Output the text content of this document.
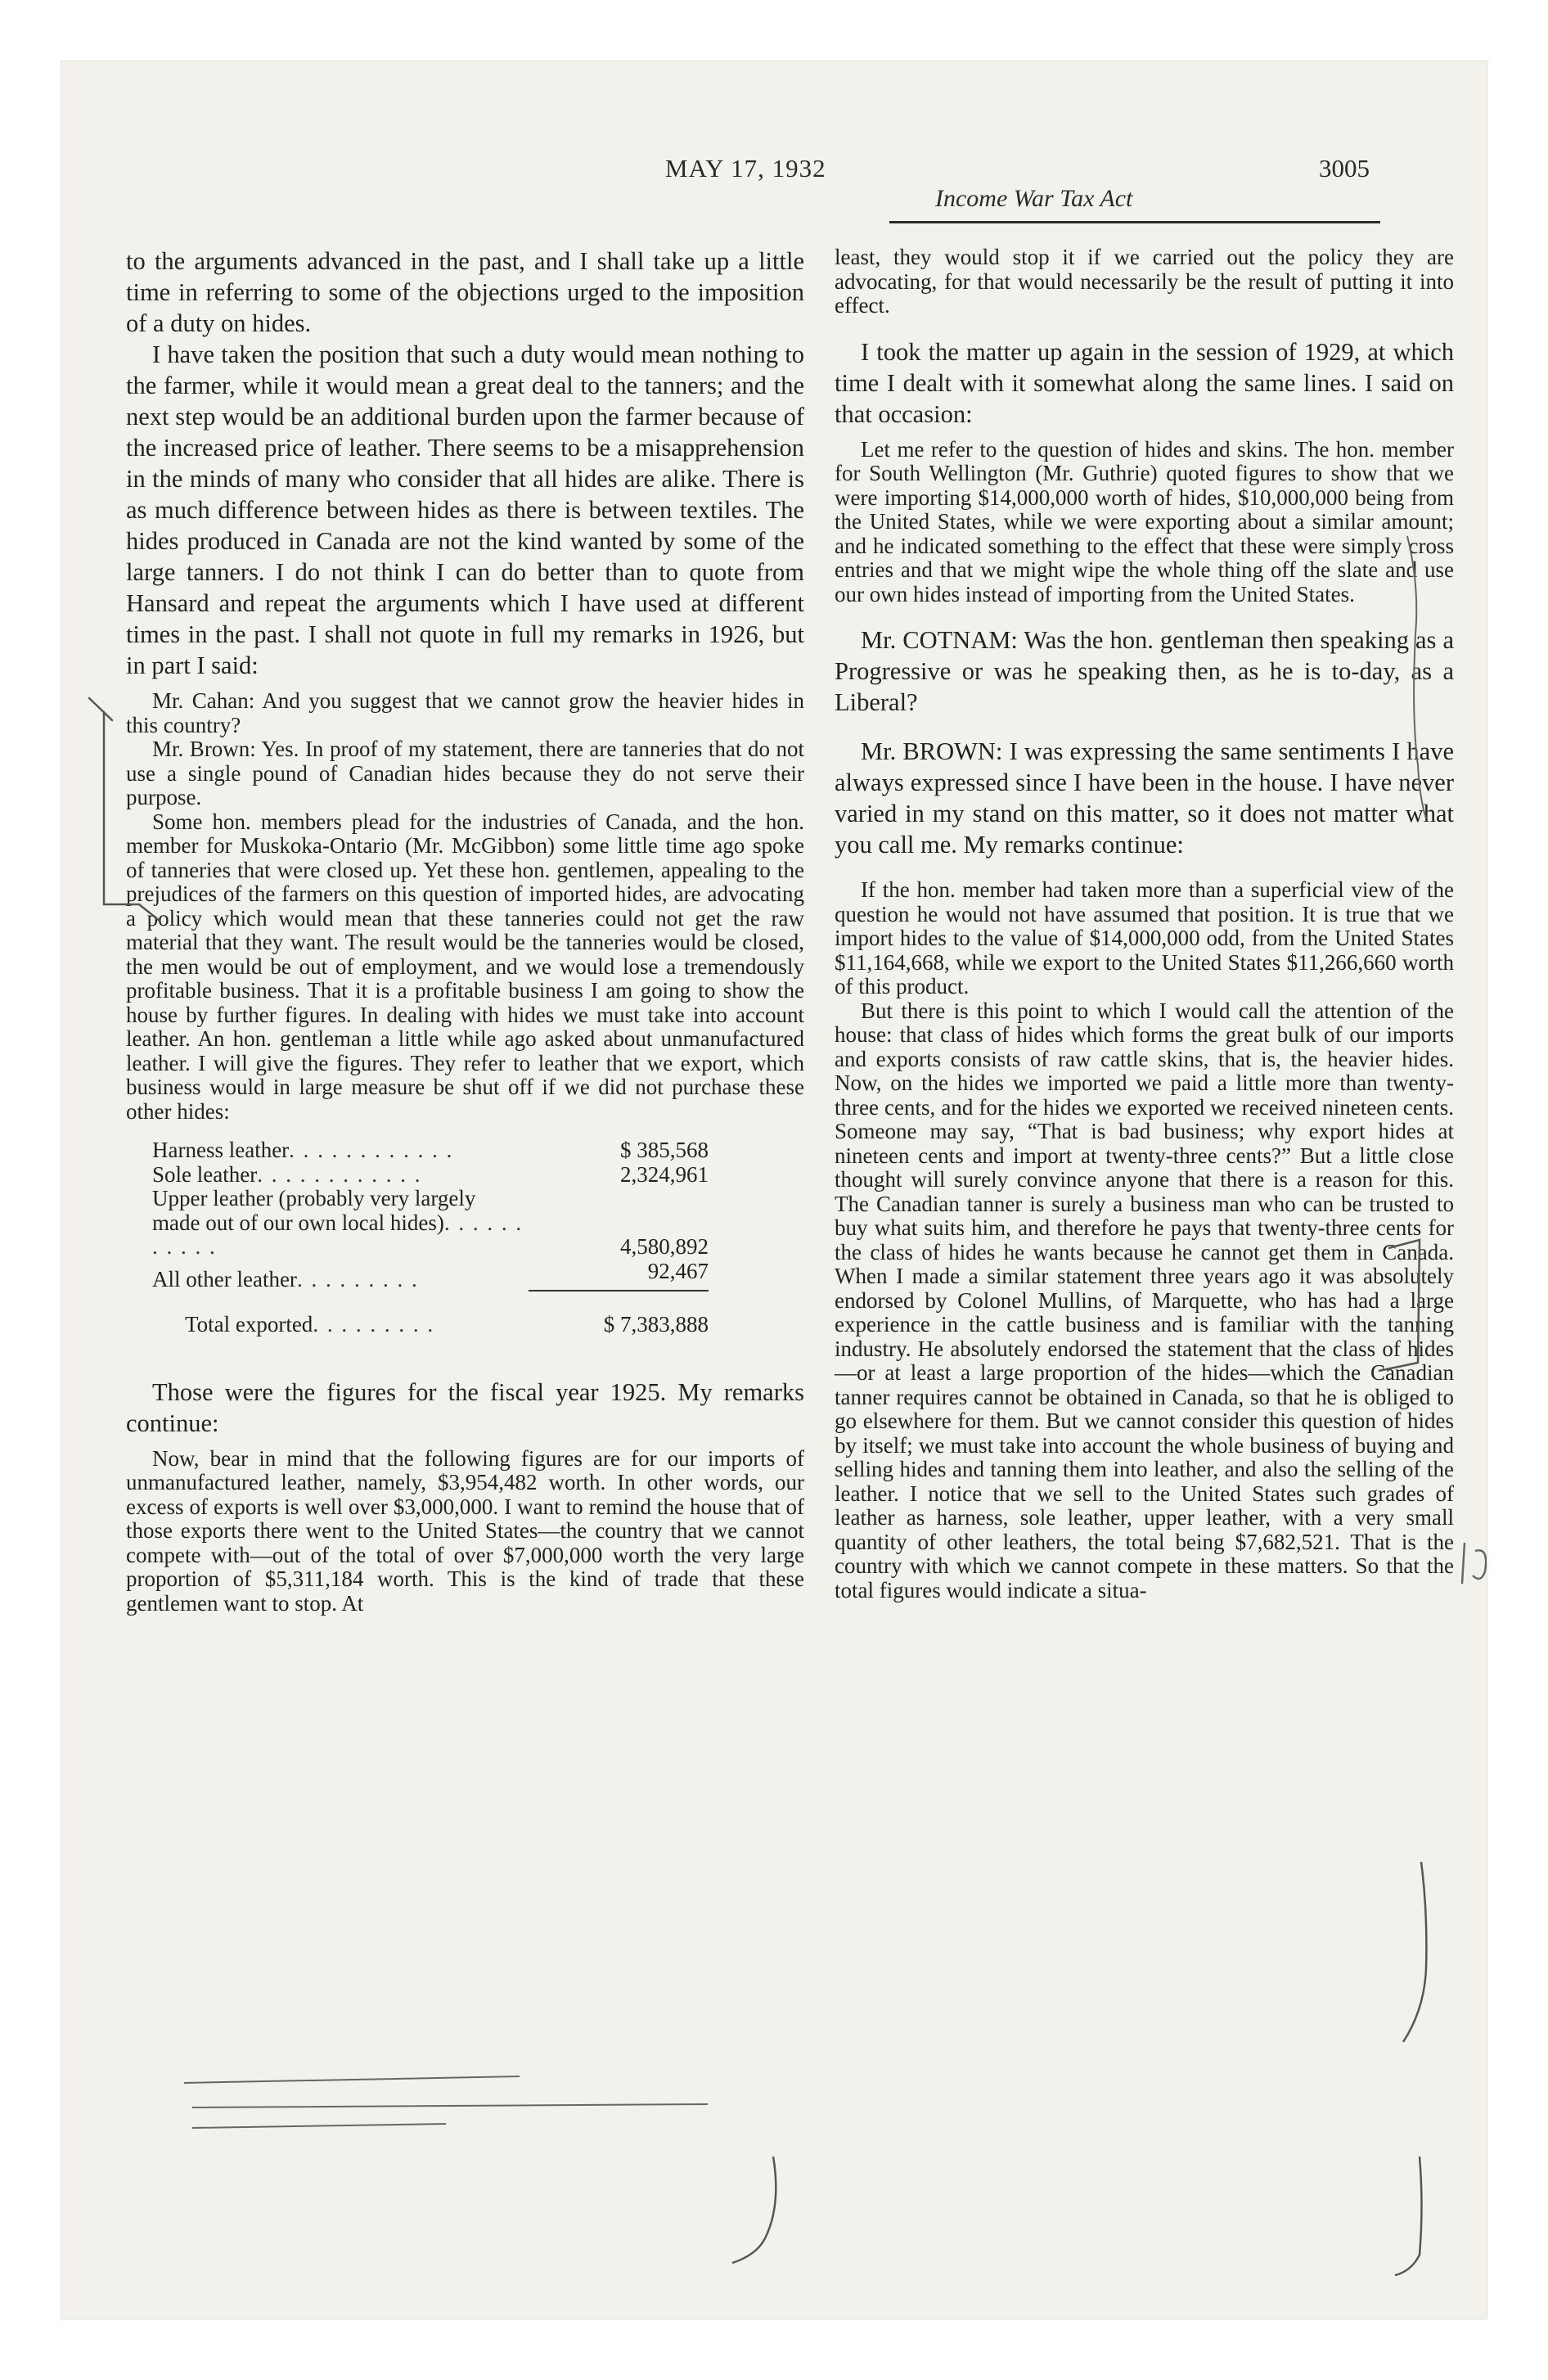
MAY 17, 1932	3005
Income War Tax Act

to the arguments advanced in the past, and I shall take up a little time in referring to some of the objections urged to the imposition of a duty on hides.

I have taken the position that such a duty would mean nothing to the farmer, while it would mean a great deal to the tanners; and the next step would be an additional burden upon the farmer because of the increased price of leather. There seems to be a misapprehension in the minds of many who consider that all hides are alike. There is as much difference between hides as there is between textiles. The hides produced in Canada are not the kind wanted by some of the large tanners. I do not think I can do better than to quote from Hansard and repeat the arguments which I have used at different times in the past. I shall not quote in full my remarks in 1926, but in part I said:

Mr. Cahan: And you suggest that we cannot grow the heavier hides in this country?

Mr. Brown: Yes. In proof of my statement, there are tanneries that do not use a single pound of Canadian hides because they do not serve their purpose.

Some hon. members plead for the industries of Canada, and the hon. member for Muskoka-Ontario (Mr. McGibbon) some little time ago spoke of tanneries that were closed up. Yet these hon. gentlemen, appealing to the prejudices of the farmers on this question of imported hides, are advocating a policy which would mean that these tanneries could not get the raw material that they want. The result would be the tanneries would be closed, the men would be out of employment, and we would lose a tremendously profitable business. That it is a profitable business I am going to show the house by further figures. In dealing with hides we must take into account leather. An hon. gentleman a little while ago asked about unmanufactured leather. I will give the figures. They refer to leather that we export, which business would in large measure be shut off if we did not purchase these other hides:

Harness leather. . . . . . . . . . . .	$ 385,568
Sole leather. . . . . . . . . . . .	2,324,961
Upper leather (probably very largely made out of our own local hides). . . . . . . . . . .	4,580,892
All other leather. . . . . . . . .	92,467

Total exported. . . . . . . . .	$ 7,383,888

Those were the figures for the fiscal year 1925. My remarks continue:

Now, bear in mind that the following figures are for our imports of unmanufactured leather, namely, $3,954,482 worth. In other words, our excess of exports is well over $3,000,000. I want to remind the house that of those exports there went to the United States—the country that we cannot compete with—out of the total of over $7,000,000 worth the very large proportion of $5,311,184 worth. This is the kind of trade that these gentlemen want to stop. At

least, they would stop it if we carried out the policy they are advocating, for that would necessarily be the result of putting it into effect.

I took the matter up again in the session of 1929, at which time I dealt with it somewhat along the same lines. I said on that occasion:

Let me refer to the question of hides and skins. The hon. member for South Wellington (Mr. Guthrie) quoted figures to show that we were importing $14,000,000 worth of hides, $10,000,000 being from the United States, while we were exporting about a similar amount; and he indicated something to the effect that these were simply cross entries and that we might wipe the whole thing off the slate and use our own hides instead of importing from the United States.

Mr. COTNAM: Was the hon. gentleman then speaking as a Progressive or was he speaking then, as he is to-day, as a Liberal?

Mr. BROWN: I was expressing the same sentiments I have always expressed since I have been in the house. I have never varied in my stand on this matter, so it does not matter what you call me. My remarks continue:

If the hon. member had taken more than a superficial view of the question he would not have assumed that position. It is true that we import hides to the value of $14,000,000 odd, from the United States $11,164,668, while we export to the United States $11,266,660 worth of this product.

But there is this point to which I would call the attention of the house: that class of hides which forms the great bulk of our imports and exports consists of raw cattle skins, that is, the heavier hides. Now, on the hides we imported we paid a little more than twenty-three cents, and for the hides we exported we received nineteen cents. Someone may say, “That is bad business; why export hides at nineteen cents and import at twenty-three cents?” But a little close thought will surely convince anyone that there is a reason for this. The Canadian tanner is surely a business man who can be trusted to buy what suits him, and therefore he pays that twenty-three cents for the class of hides he wants because he cannot get them in Canada. When I made a similar statement three years ago it was absolutely endorsed by Colonel Mullins, of Marquette, who has had a large experience in the cattle business and is familiar with the tanning industry. He absolutely endorsed the statement that the class of hides—or at least a large proportion of the hides—which the Canadian tanner requires cannot be obtained in Canada, so that he is obliged to go elsewhere for them. But we cannot consider this question of hides by itself; we must take into account the whole business of buying and selling hides and tanning them into leather, and also the selling of the leather. I notice that we sell to the United States such grades of leather as harness, sole leather, upper leather, with a very small quantity of other leathers, the total being $7,682,521. That is the country with which we cannot compete in these matters. So that the total figures would indicate a situa-
